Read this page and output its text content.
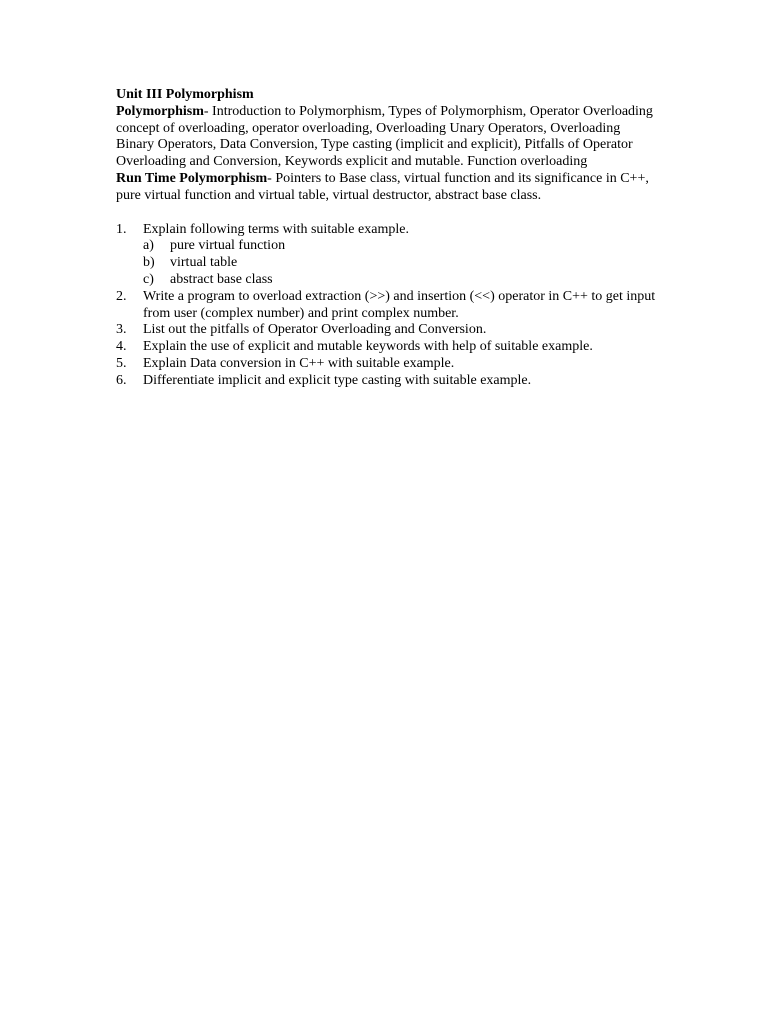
Unit III Polymorphism

Polymorphism- Introduction to Polymorphism, Types of Polymorphism, Operator Overloading concept of overloading, operator overloading, Overloading Unary Operators, Overloading Binary Operators, Data Conversion, Type casting (implicit and explicit), Pitfalls of Operator Overloading and Conversion, Keywords explicit and mutable. Function overloading

Run Time Polymorphism- Pointers to Base class, virtual function and its significance in C++, pure virtual function and virtual table, virtual destructor, abstract base class.

1. Explain following terms with suitable example.
a) pure virtual function
b) virtual table
c) abstract base class
2. Write a program to overload extraction (>>) and insertion (<<) operator in C++ to get input from user (complex number) and print complex number.
3. List out the pitfalls of Operator Overloading and Conversion.
4. Explain the use of explicit and mutable keywords with help of suitable example.
5. Explain Data conversion in C++ with suitable example.
6. Differentiate implicit and explicit type casting with suitable example.
